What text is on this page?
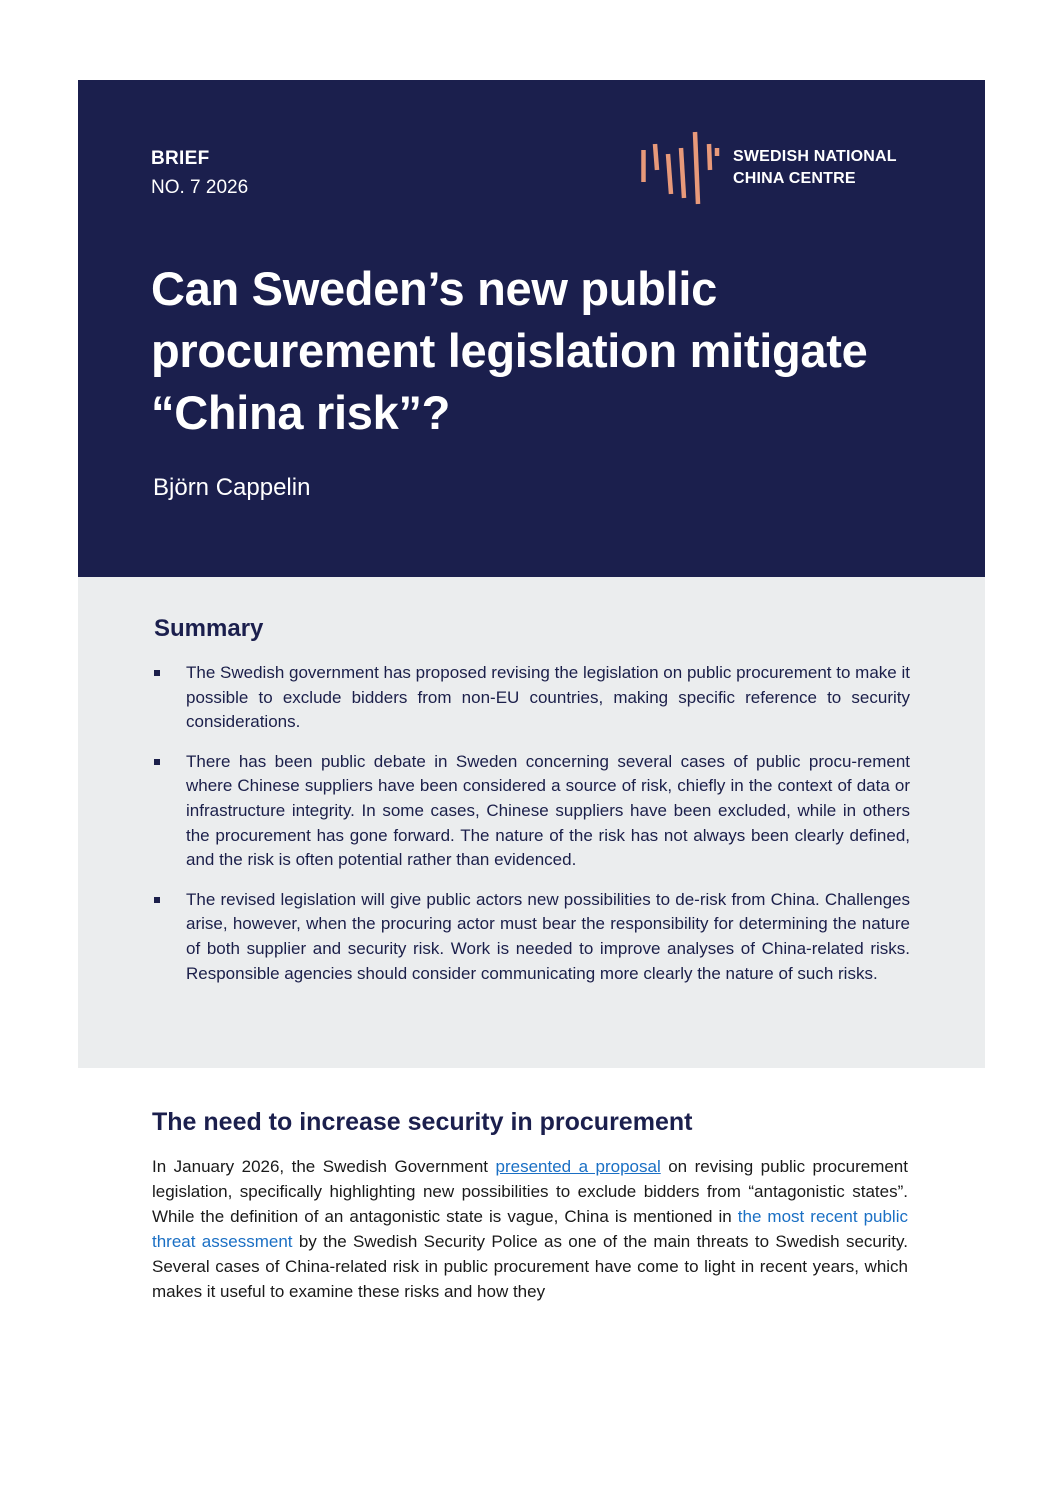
BRIEF
NO. 7 2026
SWEDISH NATIONAL
CHINA CENTRE
Can Sweden’s new public procurement legislation mitigate “China risk”?
Björn Cappelin
Summary
The Swedish government has proposed revising the legislation on public procurement to make it possible to exclude bidders from non-EU countries, making specific reference to security considerations.
There has been public debate in Sweden concerning several cases of public procu-rement where Chinese suppliers have been considered a source of risk, chiefly in the context of data or infrastructure integrity. In some cases, Chinese suppliers have been excluded, while in others the procurement has gone forward. The nature of the risk has not always been clearly defined, and the risk is often potential rather than evidenced.
The revised legislation will give public actors new possibilities to de-risk from China. Challenges arise, however, when the procuring actor must bear the responsibility for determining the nature of both supplier and security risk. Work is needed to improve analyses of China-related risks. Responsible agencies should consider communicating more clearly the nature of such risks.
The need to increase security in procurement

In January 2026, the Swedish Government presented a proposal on revising public procurement legislation, specifically highlighting new possibilities to exclude bidders from “antagonistic states”. While the definition of an antagonistic state is vague, China is mentioned in the most recent public threat assessment by the Swedish Security Police as one of the main threats to Swedish security. Several cases of China-related risk in public procurement have come to light in recent years, which makes it useful to examine these risks and how they
